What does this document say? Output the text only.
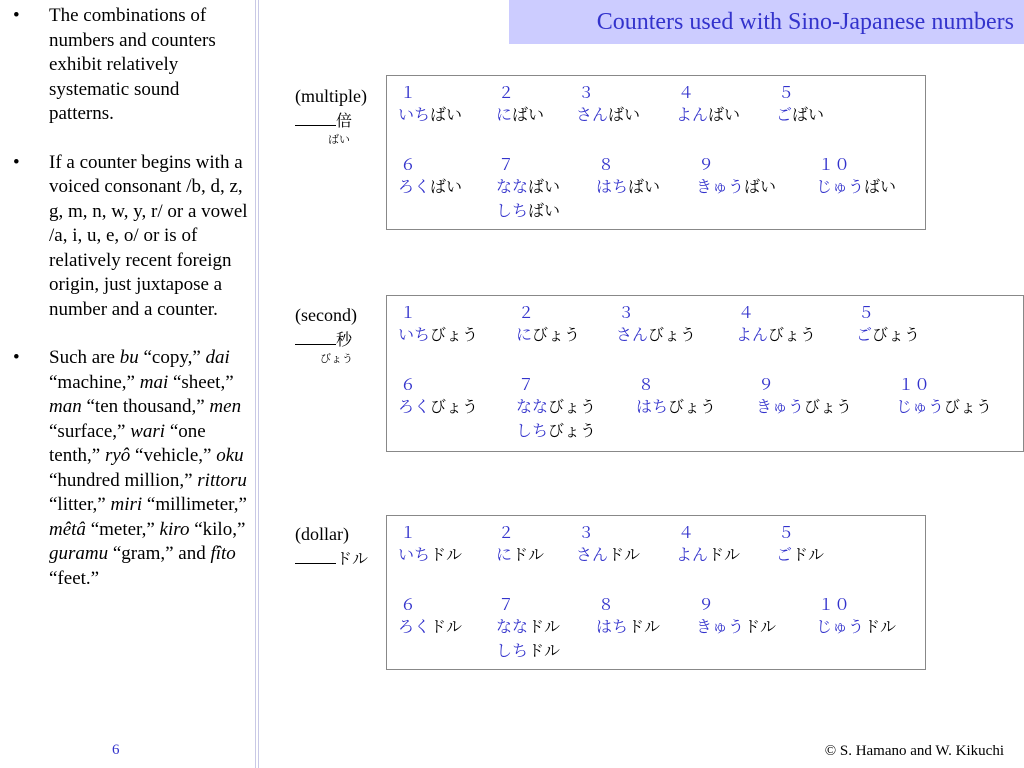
• The combinations of numbers and counters exhibit relatively systematic sound patterns.
• If a counter begins with a voiced consonant /b, d, z, g, m, n, w, y, r/ or a vowel /a, i, u, e, o/ or is of relatively recent foreign origin, just juxtapose a number and a counter.
• Such are bu “copy,” dai “machine,” mai “sheet,” man “ten thousand,” men “surface,” wari “one tenth,” ryô “vehicle,” oku “hundred million,” rittoru “litter,” miri “millimeter,” mêtâ “meter,” kiro “kilo,” guramu “gram,” and fîto “feet.”
6
Counters used with Sino-Japanese numbers
(multiple)
倍
ばい
１
いちばい
２
にばい
３
さんばい
４
よんばい
５
ごばい
６
ろくばい
７
ななばい
しちばい
８
はちばい
９
きゅうばい
１０
じゅうばい
(second)
秒
びょう
１
いちびょう
２
にびょう
３
さんびょう
４
よんびょう
５
ごびょう
６
ろくびょう
７
ななびょう
しちびょう
８
はちびょう
９
きゅうびょう
１０
じゅうびょう
(dollar)
ドル
１
いちドル
２
にドル
３
さんドル
４
よんドル
５
ごドル
６
ろくドル
７
ななドル
しちドル
８
はちドル
９
きゅうドル
１０
じゅうドル
© S. Hamano and W. Kikuchi
